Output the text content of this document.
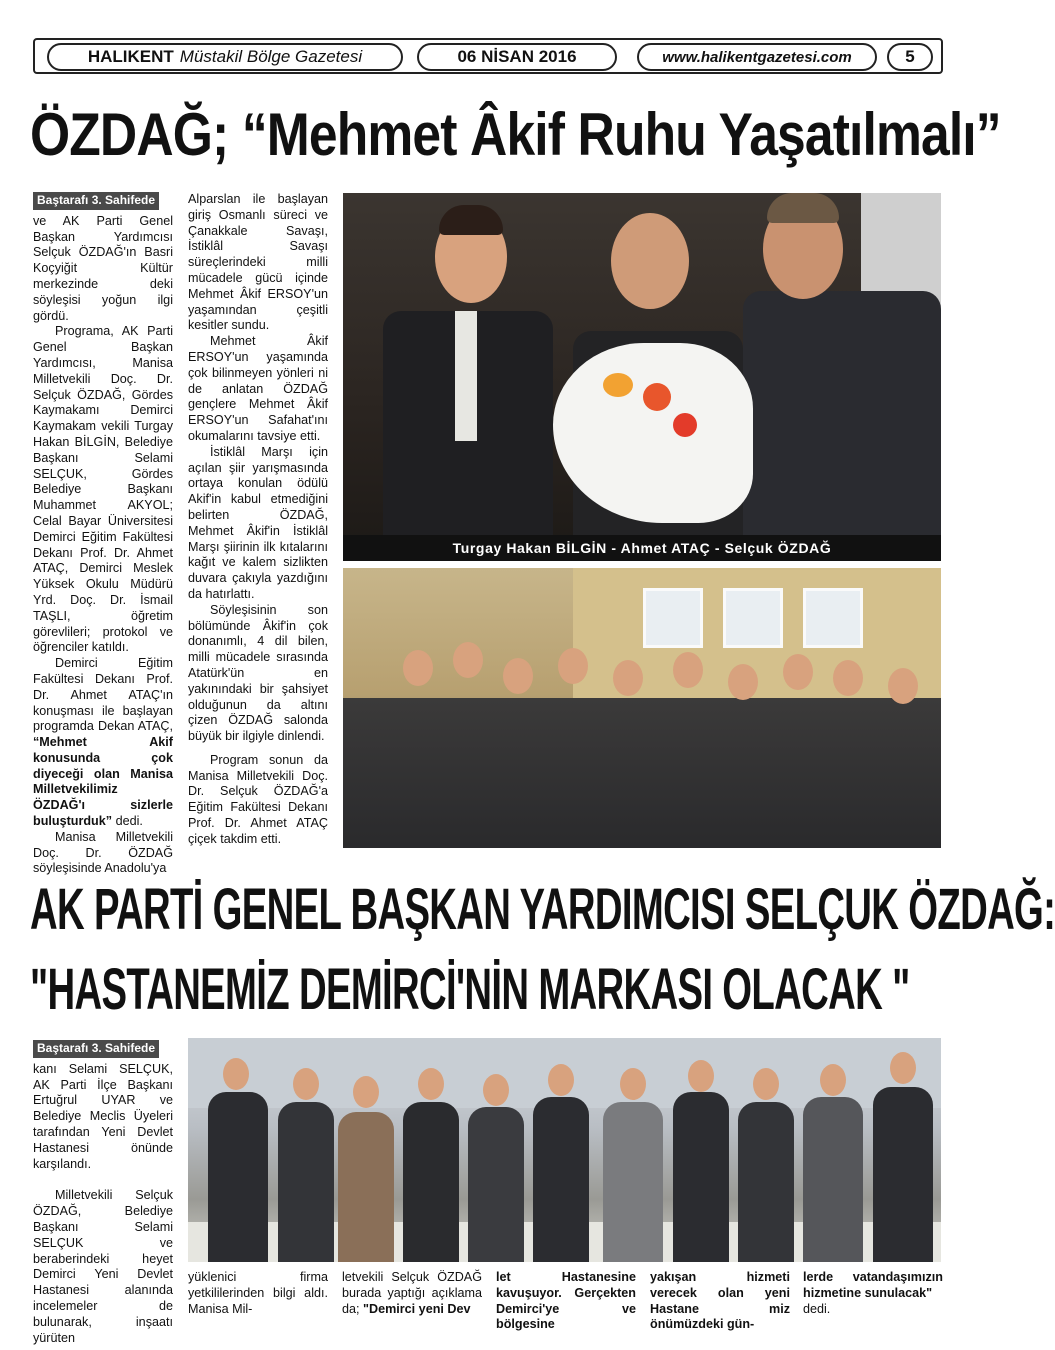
HALIKENT Müstakil Bölge Gazetesi	06 NİSAN 2016	www.halikentgazetesi.com	5
ÖZDAĞ; “Mehmet Âkif Ruhu Yaşatılmalı”
Baştarafı 3. Sahifede

ve AK Parti Genel Başkan Yardımcısı Selçuk ÖZDAĞ'ın Basri Koçyiğit Kültür merkezinde deki söyleşisi yoğun ilgi gördü.

Programa, AK Parti Genel Başkan Yardımcısı, Manisa Milletvekili Doç. Dr. Selçuk ÖZDAĞ, Gördes Kaymakamı Demirci Kaymakam vekili Turgay Hakan BİLGİN, Belediye Başkanı Selami SELÇUK, Gördes Belediye Başkanı Muhammet AKYOL; Celal Bayar Üniversitesi Demirci Eğitim Fakültesi Dekanı Prof. Dr. Ahmet ATAÇ, Demirci Meslek Yüksek Okulu Müdürü Yrd. Doç. Dr. İsmail TAŞLI, öğretim görevlileri; protokol ve öğrenciler katıldı.

Demirci Eğitim Fakültesi Dekanı Prof. Dr. Ahmet ATAÇ'ın konuşması ile başlayan programda Dekan ATAÇ, “Mehmet Akif konusunda çok diyeceği olan Manisa Milletvekilimiz ÖZDAĞ'ı sizlerle buluşturduk” dedi.

Manisa Milletvekili Doç. Dr. ÖZDAĞ söyleşisinde Anadolu'ya

Alparslan ile başlayan giriş Osmanlı süreci ve Çanakkale Savaşı, İstiklâl Savaşı süreçlerindeki milli mücadele gücü içinde Mehmet Âkif ERSOY'un yaşamından çeşitli kesitler sundu.

Mehmet Âkif ERSOY'un yaşamında çok bilinmeyen yönleri ni de anlatan ÖZDAĞ gençlere Mehmet Âkif ERSOY'un Safahat'ını okumalarını tavsiye etti.

İstiklâl Marşı için açılan şiir yarışmasında ortaya konulan ödülü Akif'in kabul etmediğini belirten ÖZDAĞ, Mehmet Âkif'in İstiklâl Marşı şiirinin ilk kıtalarını kağıt ve kalem sizlikten duvara çakıyla yazdığını da hatırlattı.

Söyleşisinin son bölümünde Âkif'in çok donanımlı, 4 dil bilen, milli mücadele sırasında Atatürk'ün en yakınındaki bir şahsiyet olduğunun da altını çizen ÖZDAĞ salonda büyük bir ilgiyle dinlendi.

Program sonun da Manisa Milletvekili Doç. Dr. Selçuk ÖZDAĞ'a Eğitim Fakültesi Dekanı Prof. Dr. Ahmet ATAÇ çiçek takdim etti.

Turgay Hakan BİLGİN - Ahmet ATAÇ - Selçuk ÖZDAĞ
AK PARTİ GENEL BAŞKAN YARDIMCISI SELÇUK ÖZDAĞ:
"HASTANEMİZ DEMİRCİ'NİN MARKASI OLACAK "
Baştarafı 3. Sahifede

kanı Selami SELÇUK, AK Parti İlçe Başkanı Ertuğrul UYAR ve Belediye Meclis Üyeleri tarafından Yeni Devlet Hastanesi önünde karşılandı.

Milletvekili Selçuk ÖZDAĞ, Belediye Başkanı Selami SELÇUK ve beraberindeki heyet Demirci Yeni Devlet Hastanesi alanında incelemeler de bulunarak, inşaatı yürüten

yüklenici firma yetkililerinden bilgi aldı. Manisa Mil-

letvekili Selçuk ÖZDAĞ burada yaptığı açıklama da; "Demirci yeni Dev

let Hastanesine kavuşuyor. Gerçekten Demirci'ye ve bölgesine

yakışan hizmeti verecek olan yeni Hastane miz önümüzdeki gün-

lerde vatandaşımızın hizmetine sunulacak"

dedi.
